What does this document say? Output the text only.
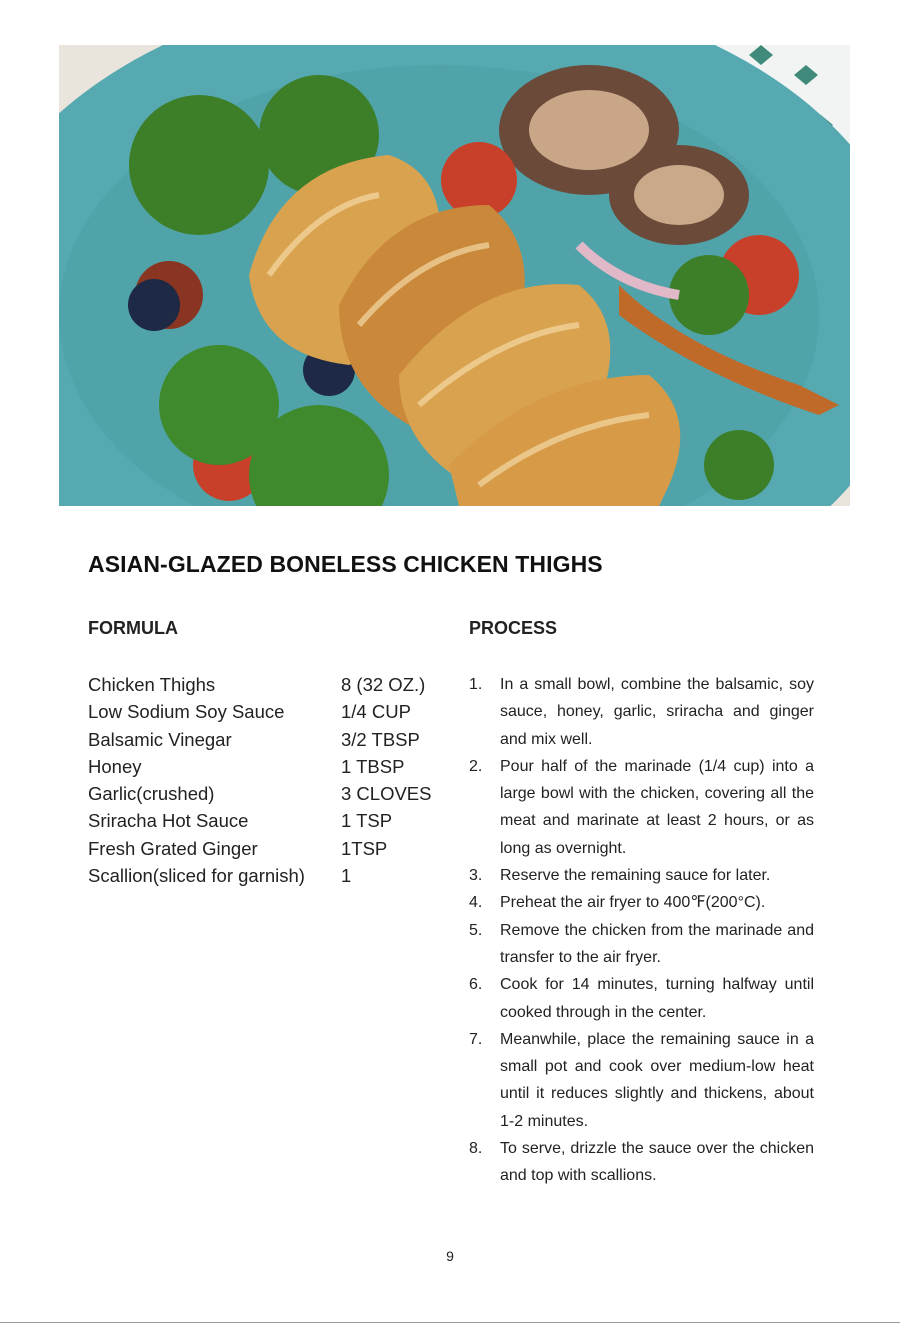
ASIAN-GLAZED BONELESS CHICKEN THIGHS
FORMULA	PROCESS
Chicken Thighs	8 (32 OZ.)
Low Sodium Soy Sauce	1/4 CUP
Balsamic Vinegar	3/2 TBSP
Honey	1 TBSP
Garlic(crushed)	3 CLOVES
Sriracha Hot Sauce	1 TSP
Fresh Grated Ginger	1TSP
Scallion(sliced for garnish) 1
1. In a small bowl, combine the balsamic, soy sauce, honey, garlic, sriracha and ginger and mix well.
2. Pour half of the marinade (1/4 cup) into a large bowl with the chicken, covering all the meat and marinate at least 2 hours, or as long as overnight.
3. Reserve the remaining sauce for later.
4. Preheat the air fryer to 400℉(200°C).
5. Remove the chicken from the marinade and transfer to the air fryer.
6. Cook for 14 minutes, turning halfway until cooked through in the center.
7. Meanwhile, place the remaining sauce in a small pot and cook over medium-low heat until it reduces slightly and thickens, about 1-2 minutes.
8. To serve, drizzle the sauce over the chicken and top with scallions.
9
